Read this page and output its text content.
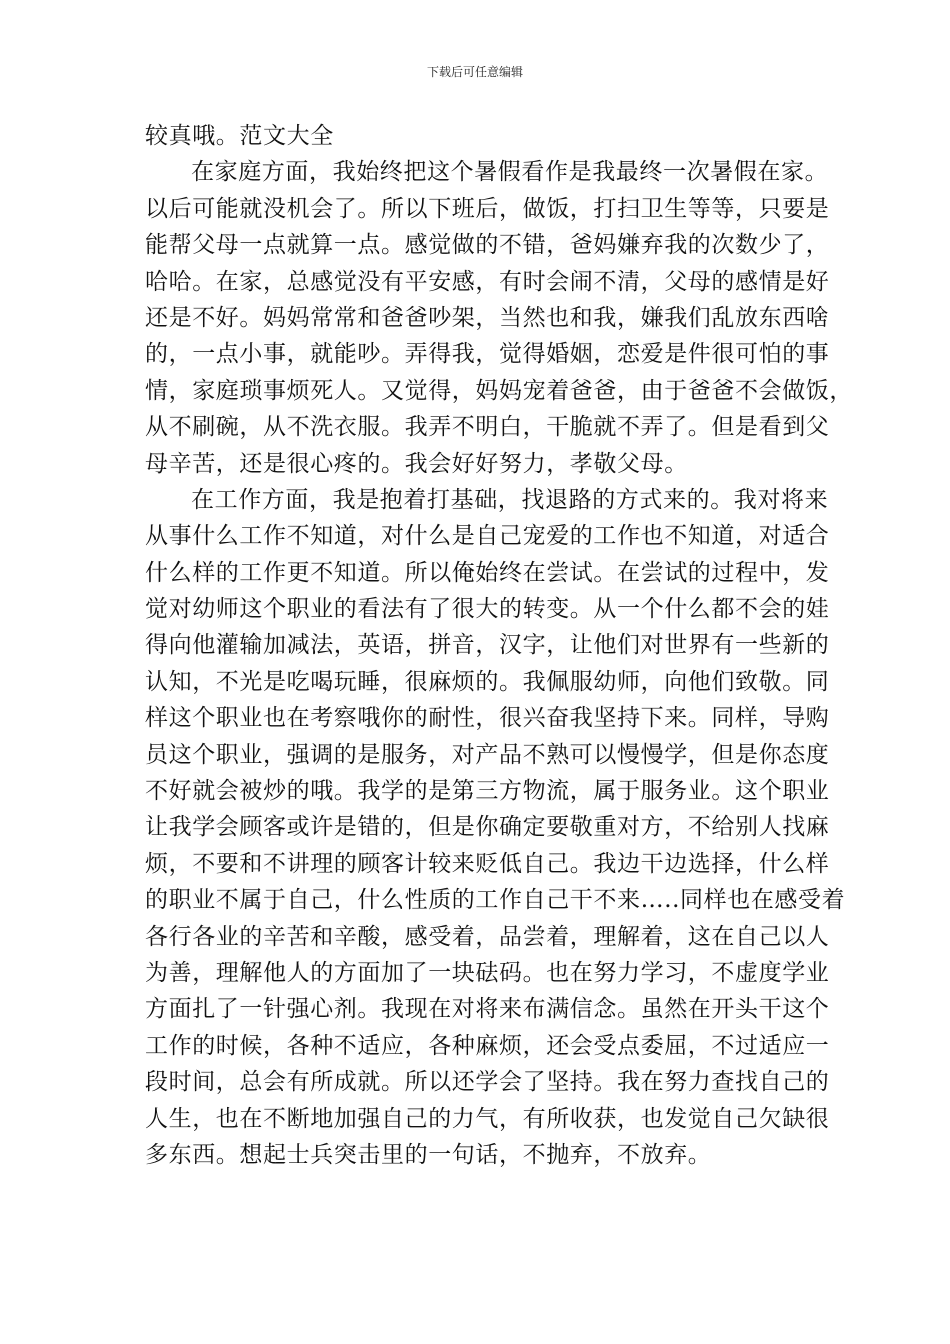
下载后可任意编辑
较真哦。范文大全
在家庭方面，我始终把这个暑假看作是我最终一次暑假在家。
以后可能就没机会了。所以下班后，做饭，打扫卫生等等，只要是
能帮父母一点就算一点。感觉做的不错，爸妈嫌弃我的次数少了，
哈哈。在家，总感觉没有平安感，有时会闹不清，父母的感情是好
还是不好。妈妈常常和爸爸吵架，当然也和我，嫌我们乱放东西啥
的，一点小事，就能吵。弄得我，觉得婚姻，恋爱是件很可怕的事
情，家庭琐事烦死人。又觉得，妈妈宠着爸爸，由于爸爸不会做饭，
从不刷碗，从不洗衣服。我弄不明白，干脆就不弄了。但是看到父
母辛苦，还是很心疼的。我会好好努力，孝敬父母。
在工作方面，我是抱着打基础，找退路的方式来的。我对将来
从事什么工作不知道，对什么是自己宠爱的工作也不知道，对适合
什么样的工作更不知道。所以俺始终在尝试。在尝试的过程中，发
觉对幼师这个职业的看法有了很大的转变。从一个什么都不会的娃
得向他灌输加减法，英语，拼音，汉字，让他们对世界有一些新的
认知，不光是吃喝玩睡，很麻烦的。我佩服幼师，向他们致敬。同
样这个职业也在考察哦你的耐性，很兴奋我坚持下来。同样，导购
员这个职业，强调的是服务，对产品不熟可以慢慢学，但是你态度
不好就会被炒的哦。我学的是第三方物流，属于服务业。这个职业
让我学会顾客或许是错的，但是你确定要敬重对方，不给别人找麻
烦，不要和不讲理的顾客计较来贬低自己。我边干边选择，什么样
的职业不属于自己，什么性质的工作自己干不来…..同样也在感受着
各行各业的辛苦和辛酸，感受着，品尝着，理解着，这在自己以人
为善，理解他人的方面加了一块砝码。也在努力学习，不虚度学业
方面扎了一针强心剂。我现在对将来布满信念。虽然在开头干这个
工作的时候，各种不适应，各种麻烦，还会受点委屈，不过适应一
段时间，总会有所成就。所以还学会了坚持。我在努力查找自己的
人生，也在不断地加强自己的力气，有所收获，也发觉自己欠缺很
多东西。想起士兵突击里的一句话，不抛弃，不放弃。
